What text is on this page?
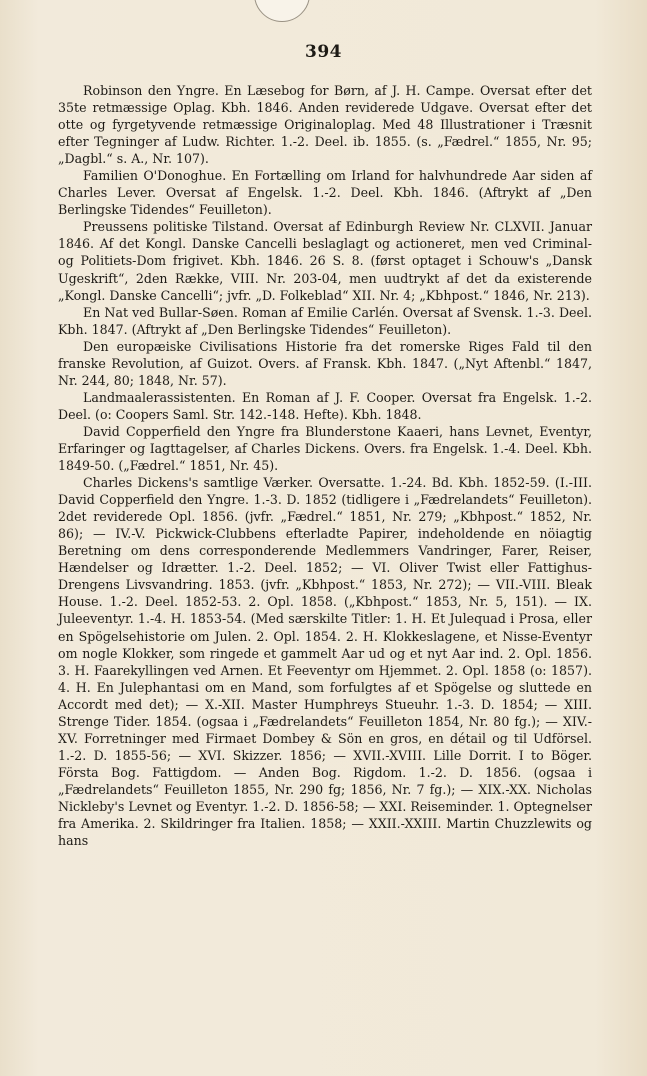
394

Robinson den Yngre. En Læsebog for Børn, af J. H. Campe. Oversat efter det 35te retmæssige Oplag. Kbh. 1846. Anden reviderede Udgave. Oversat efter det otte og fyrgetyvende retmæssige Originaloplag. Med 48 Illustrationer i Træsnit efter Tegninger af Ludw. Richter. 1.-2. Deel. ib. 1855. (s. „Fædrel.“ 1855, Nr. 95; „Dagbl.“ s. A., Nr. 107).

Familien O'Donoghue. En Fortælling om Irland for halvhundrede Aar siden af Charles Lever. Oversat af Engelsk. 1.-2. Deel. Kbh. 1846. (Aftrykt af „Den Berlingske Tidendes“ Feuilleton).

Preussens politiske Tilstand. Oversat af Edinburgh Review Nr. CLXVII. Januar 1846. Af det Kongl. Danske Cancelli beslaglagt og actioneret, men ved Criminal- og Politiets-Dom frigivet. Kbh. 1846. 26 S. 8. (først optaget i Schouw's „Dansk Ugeskrift“, 2den Række, VIII. Nr. 203-04, men uudtrykt af det da existerende „Kongl. Danske Cancelli“; jvfr. „D. Folkeblad“ XII. Nr. 4; „Kbhpost.“ 1846, Nr. 213).

En Nat ved Bullar-Søen. Roman af Emilie Carlén. Oversat af Svensk. 1.-3. Deel. Kbh. 1847. (Aftrykt af „Den Berlingske Tidendes“ Feuilleton).

Den europæiske Civilisations Historie fra det romerske Riges Fald til den franske Revolution, af Guizot. Overs. af Fransk. Kbh. 1847. („Nyt Aftenbl.“ 1847, Nr. 244, 80; 1848, Nr. 57).

Landmaalerassistenten. En Roman af J. F. Cooper. Oversat fra Engelsk. 1.-2. Deel. (o: Coopers Saml. Str. 142.-148. Hefte). Kbh. 1848.

David Copperfield den Yngre fra Blunderstone Kaaeri, hans Levnet, Eventyr, Erfaringer og Iagttagelser, af Charles Dickens. Overs. fra Engelsk. 1.-4. Deel. Kbh. 1849-50. („Fædrel.“ 1851, Nr. 45).

Charles Dickens's samtlige Værker. Oversatte. 1.-24. Bd. Kbh. 1852-59. (I.-III. David Copperfield den Yngre. 1.-3. D. 1852 (tidligere i „Fædrelandets“ Feuilleton). 2det reviderede Opl. 1856. (jvfr. „Fædrel.“ 1851, Nr. 279; „Kbhpost.“ 1852, Nr. 86); — IV.-V. Pickwick-Clubbens efterladte Papirer, indeholdende en nöiagtig Beretning om dens corresponderende Medlemmers Vandringer, Farer, Reiser, Hændelser og Idrætter. 1.-2. Deel. 1852; — VI. Oliver Twist eller Fattighus-Drengens Livsvandring. 1853. (jvfr. „Kbhpost.“ 1853, Nr. 272); — VII.-VIII. Bleak House. 1.-2. Deel. 1852-53. 2. Opl. 1858. („Kbhpost.“ 1853, Nr. 5, 151). — IX. Juleeventyr. 1.-4. H. 1853-54. (Med særskilte Titler: 1. H. Et Julequad i Prosa, eller en Spögelsehistorie om Julen. 2. Opl. 1854. 2. H. Klokkeslagene, et Nisse-Eventyr om nogle Klokker, som ringede et gammelt Aar ud og et nyt Aar ind. 2. Opl. 1856. 3. H. Faarekyllingen ved Arnen. Et Feeventyr om Hjemmet. 2. Opl. 1858 (o: 1857). 4. H. En Julephantasi om en Mand, som forfulgtes af et Spögelse og sluttede en Accordt med det); — X.-XII. Master Humphreys Stueuhr. 1.-3. D. 1854; — XIII. Strenge Tider. 1854. (ogsaa i „Fædrelandets“ Feuilleton 1854, Nr. 80 fg.); — XIV.-XV. Forretninger med Firmaet Dombey & Sön en gros, en détail og til Udförsel. 1.-2. D. 1855-56; — XVI. Skizzer. 1856; — XVII.-XVIII. Lille Dorrit. I to Böger. Första Bog. Fattigdom. — Anden Bog. Rigdom. 1.-2. D. 1856. (ogsaa i „Fædrelandets“ Feuilleton 1855, Nr. 290 fg; 1856, Nr. 7 fg.); — XIX.-XX. Nicholas Nickleby's Levnet og Eventyr. 1.-2. D. 1856-58; — XXI. Reiseminder. 1. Optegnelser fra Amerika. 2. Skildringer fra Italien. 1858; — XXII.-XXIII. Martin Chuzzlewits og hans
